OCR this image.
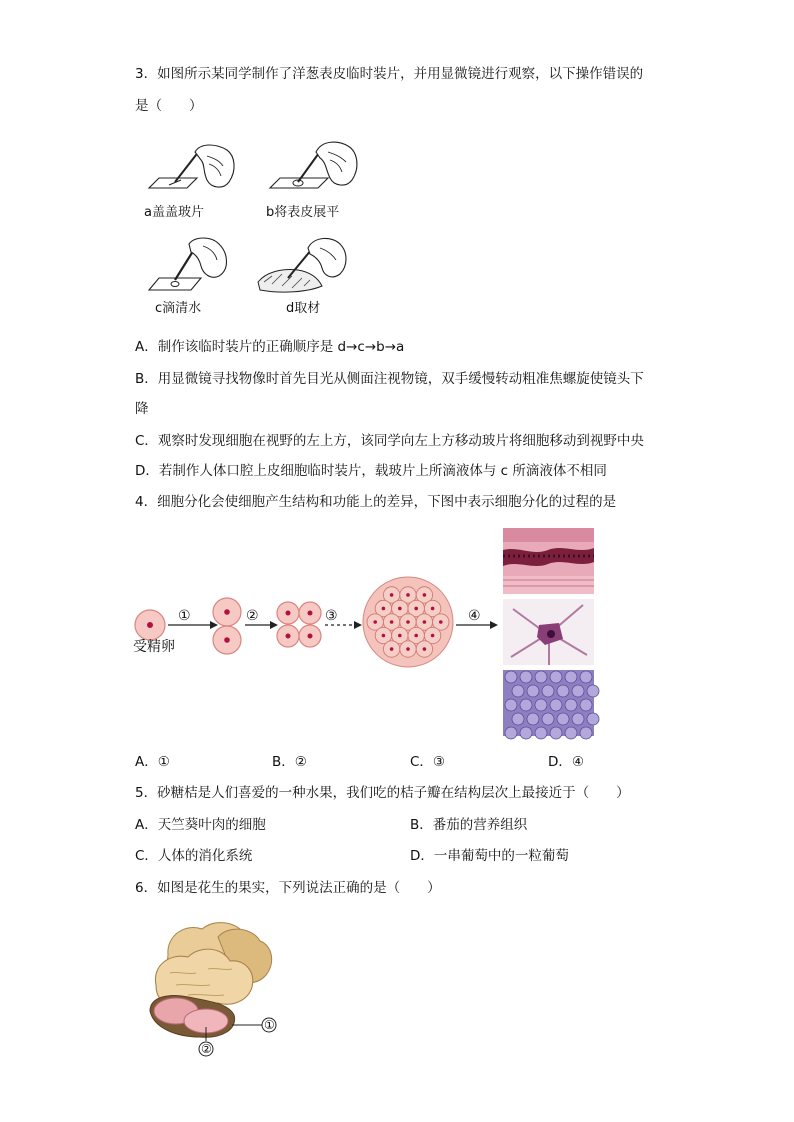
3．如图所示某同学制作了洋葱表皮临时装片，并用显微镜进行观察，以下操作错误的
是（　　）
a盖盖玻片	b将表皮展平
c滴清水	d取材
A．制作该临时装片的正确顺序是 d→c→b→a
B．用显微镜寻找物像时首先目光从侧面注视物镜，双手缓慢转动粗准焦螺旋使镜头下
降
C．观察时发现细胞在视野的左上方，该同学向左上方移动玻片将细胞移动到视野中央
D．若制作人体口腔上皮细胞临时装片，载玻片上所滴液体与 c 所滴液体不相同
4．细胞分化会使细胞产生结构和功能上的差异，下图中表示细胞分化的过程的是
①	②	③	④
受精卵
A．①	B．②	C．③	D．④
5．砂糖桔是人们喜爱的一种水果，我们吃的桔子瓣在结构层次上最接近于（　　）
A．天竺葵叶肉的细胞	B．番茄的营养组织
C．人体的消化系统	D．一串葡萄中的一粒葡萄
6．如图是花生的果实，下列说法正确的是（　　）
①
②
